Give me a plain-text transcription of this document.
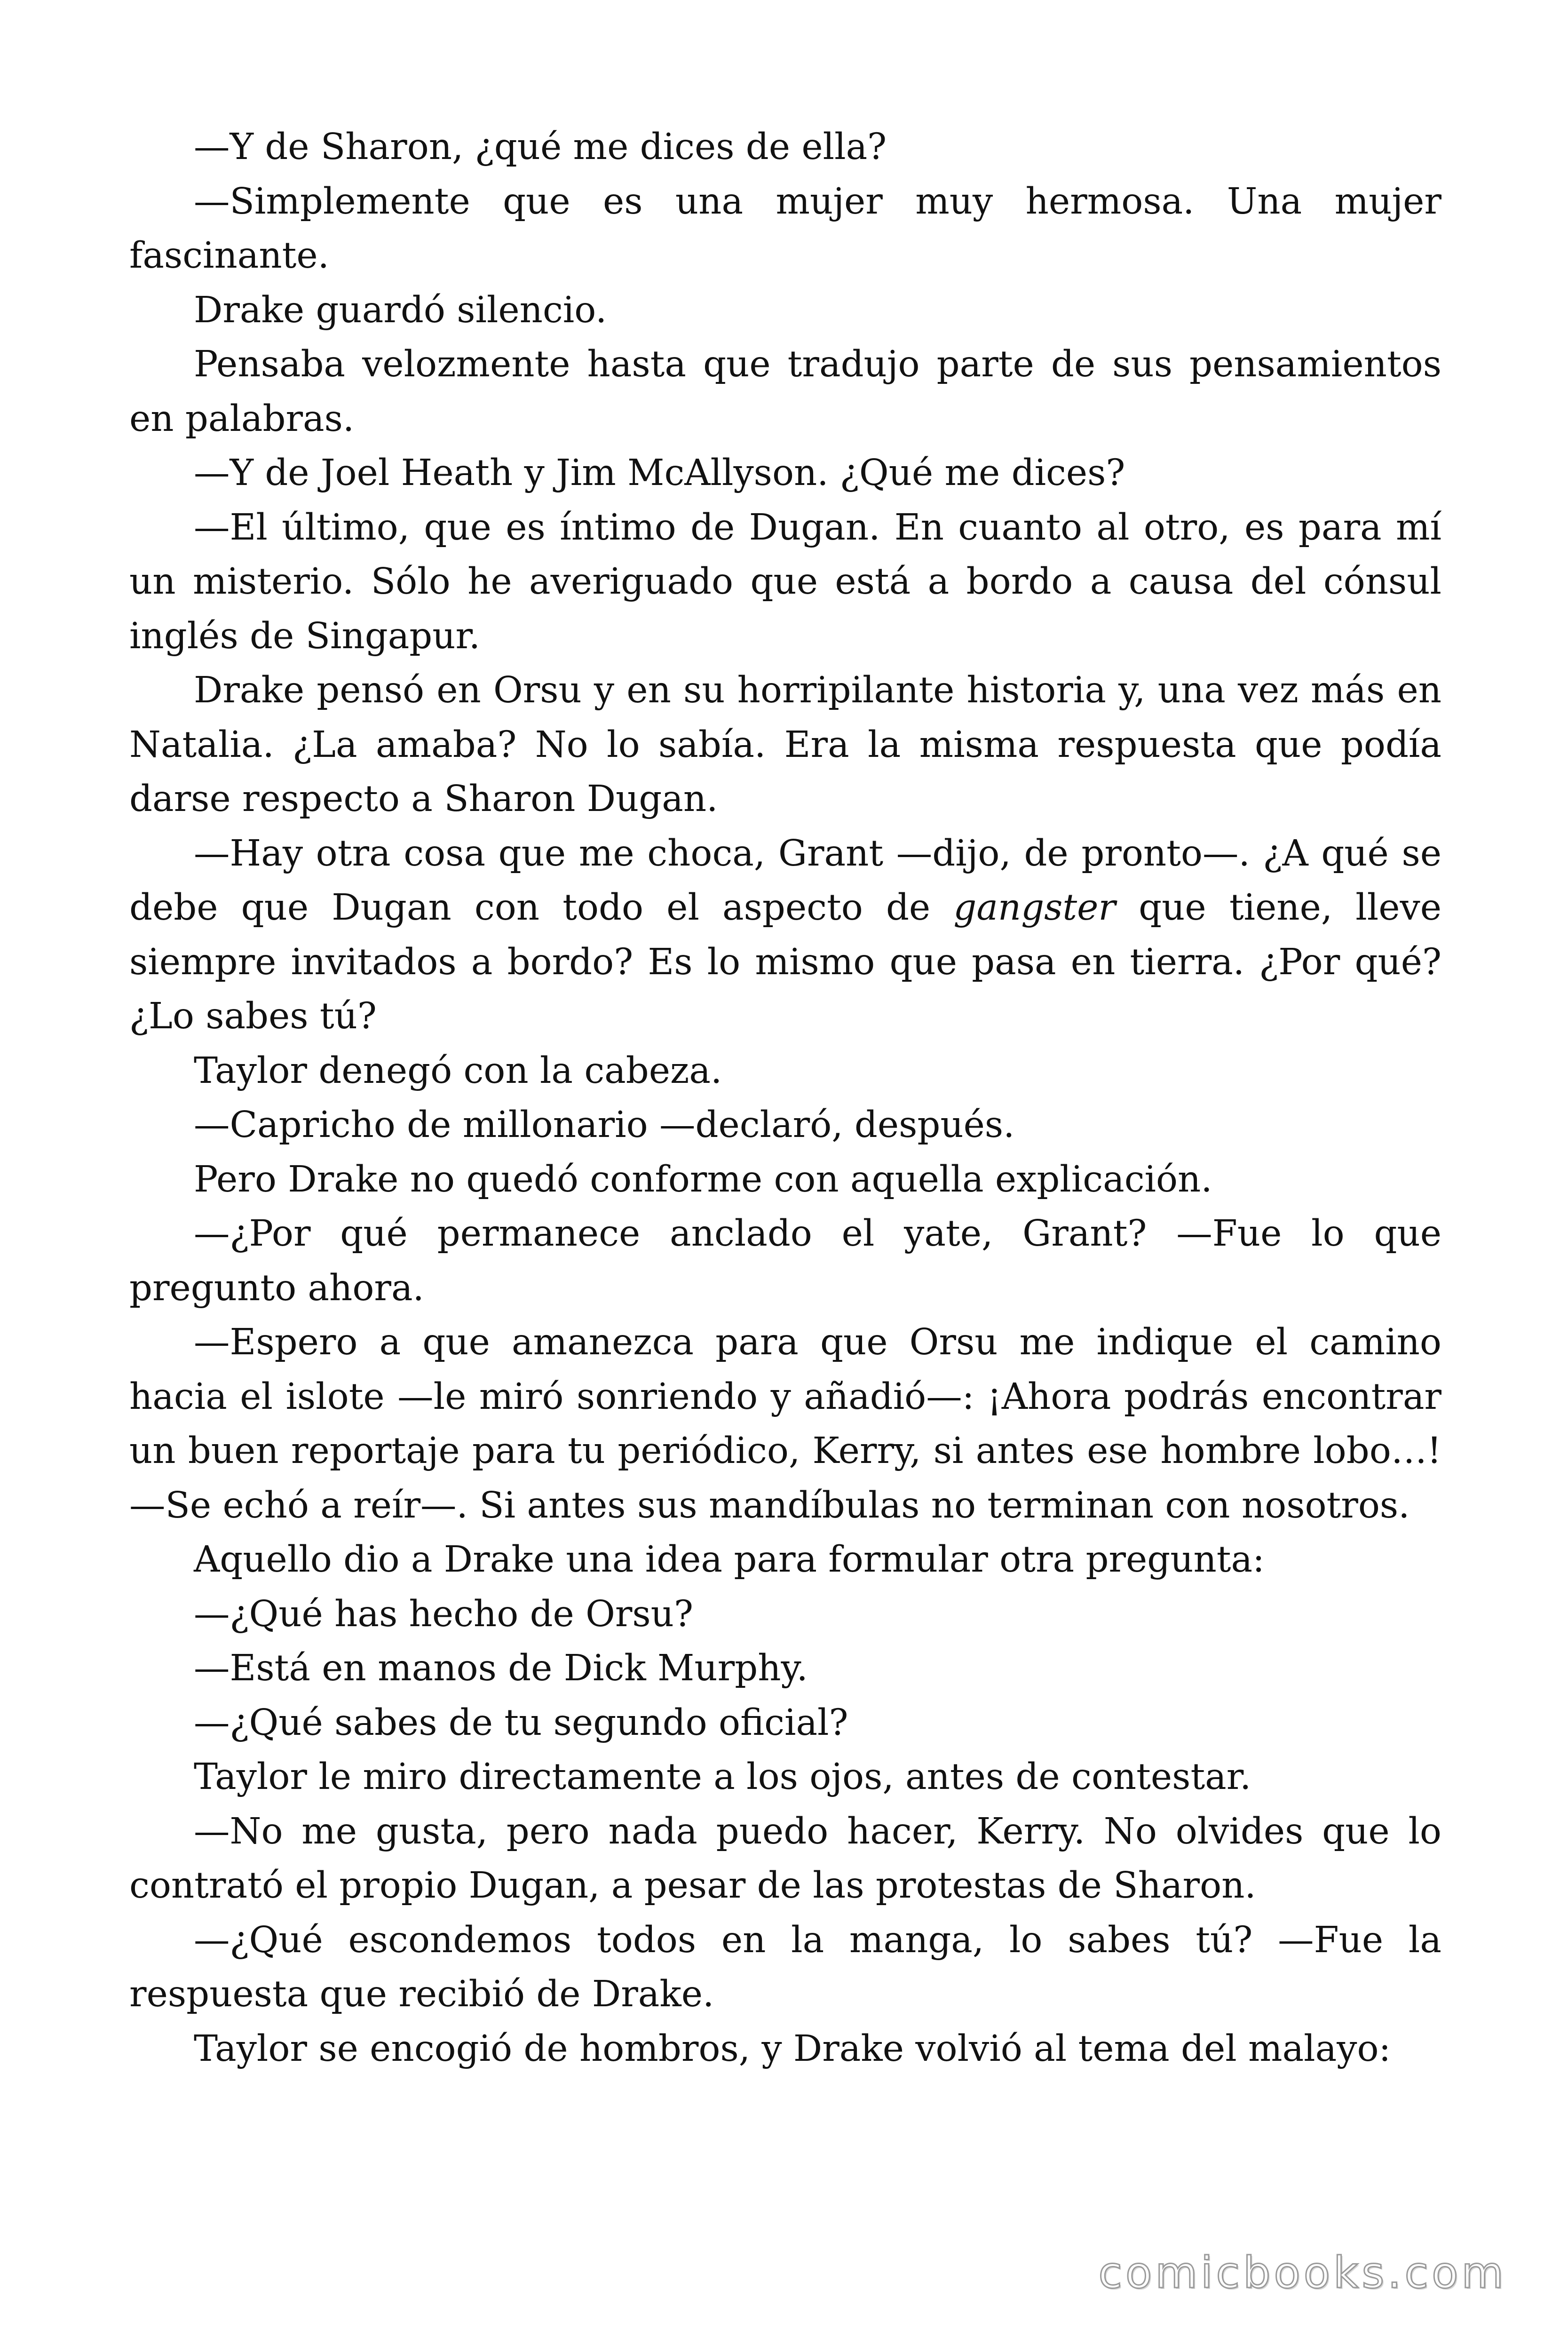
—Y de Sharon, ¿qué me dices de ella?

—Simplemente que es una mujer muy hermosa. Una mujer fascinante.

Drake guardó silencio.

Pensaba velozmente hasta que tradujo parte de sus pensamientos en palabras.

—Y de Joel Heath y Jim McAllyson. ¿Qué me dices?

—El último, que es íntimo de Dugan. En cuanto al otro, es para mí un misterio. Sólo he averiguado que está a bordo a causa del cónsul inglés de Singapur.

Drake pensó en Orsu y en su horripilante historia y, una vez más en Natalia. ¿La amaba? No lo sabía. Era la misma respuesta que podía darse respecto a Sharon Dugan.

—Hay otra cosa que me choca, Grant —dijo, de pronto—. ¿A qué se debe que Dugan con todo el aspecto de gangster que tiene, lleve siempre invitados a bordo? Es lo mismo que pasa en tierra. ¿Por qué? ¿Lo sabes tú?

Taylor denegó con la cabeza.

—Capricho de millonario —declaró, después.

Pero Drake no quedó conforme con aquella explicación.

—¿Por qué permanece anclado el yate, Grant? —Fue lo que pregunto ahora.

—Espero a que amanezca para que Orsu me indique el camino hacia el islote —le miró sonriendo y añadió—: ¡Ahora podrás encontrar un buen reportaje para tu periódico, Kerry, si antes ese hombre lobo…! —Se echó a reír—. Si antes sus mandíbulas no terminan con nosotros.

Aquello dio a Drake una idea para formular otra pregunta:

—¿Qué has hecho de Orsu?

—Está en manos de Dick Murphy.

—¿Qué sabes de tu segundo oficial?

Taylor le miro directamente a los ojos, antes de contestar.

—No me gusta, pero nada puedo hacer, Kerry. No olvides que lo contrató el propio Dugan, a pesar de las protestas de Sharon.

—¿Qué escondemos todos en la manga, lo sabes tú? —Fue la respuesta que recibió de Drake.

Taylor se encogió de hombros, y Drake volvió al tema del malayo:

comicbooks.com
